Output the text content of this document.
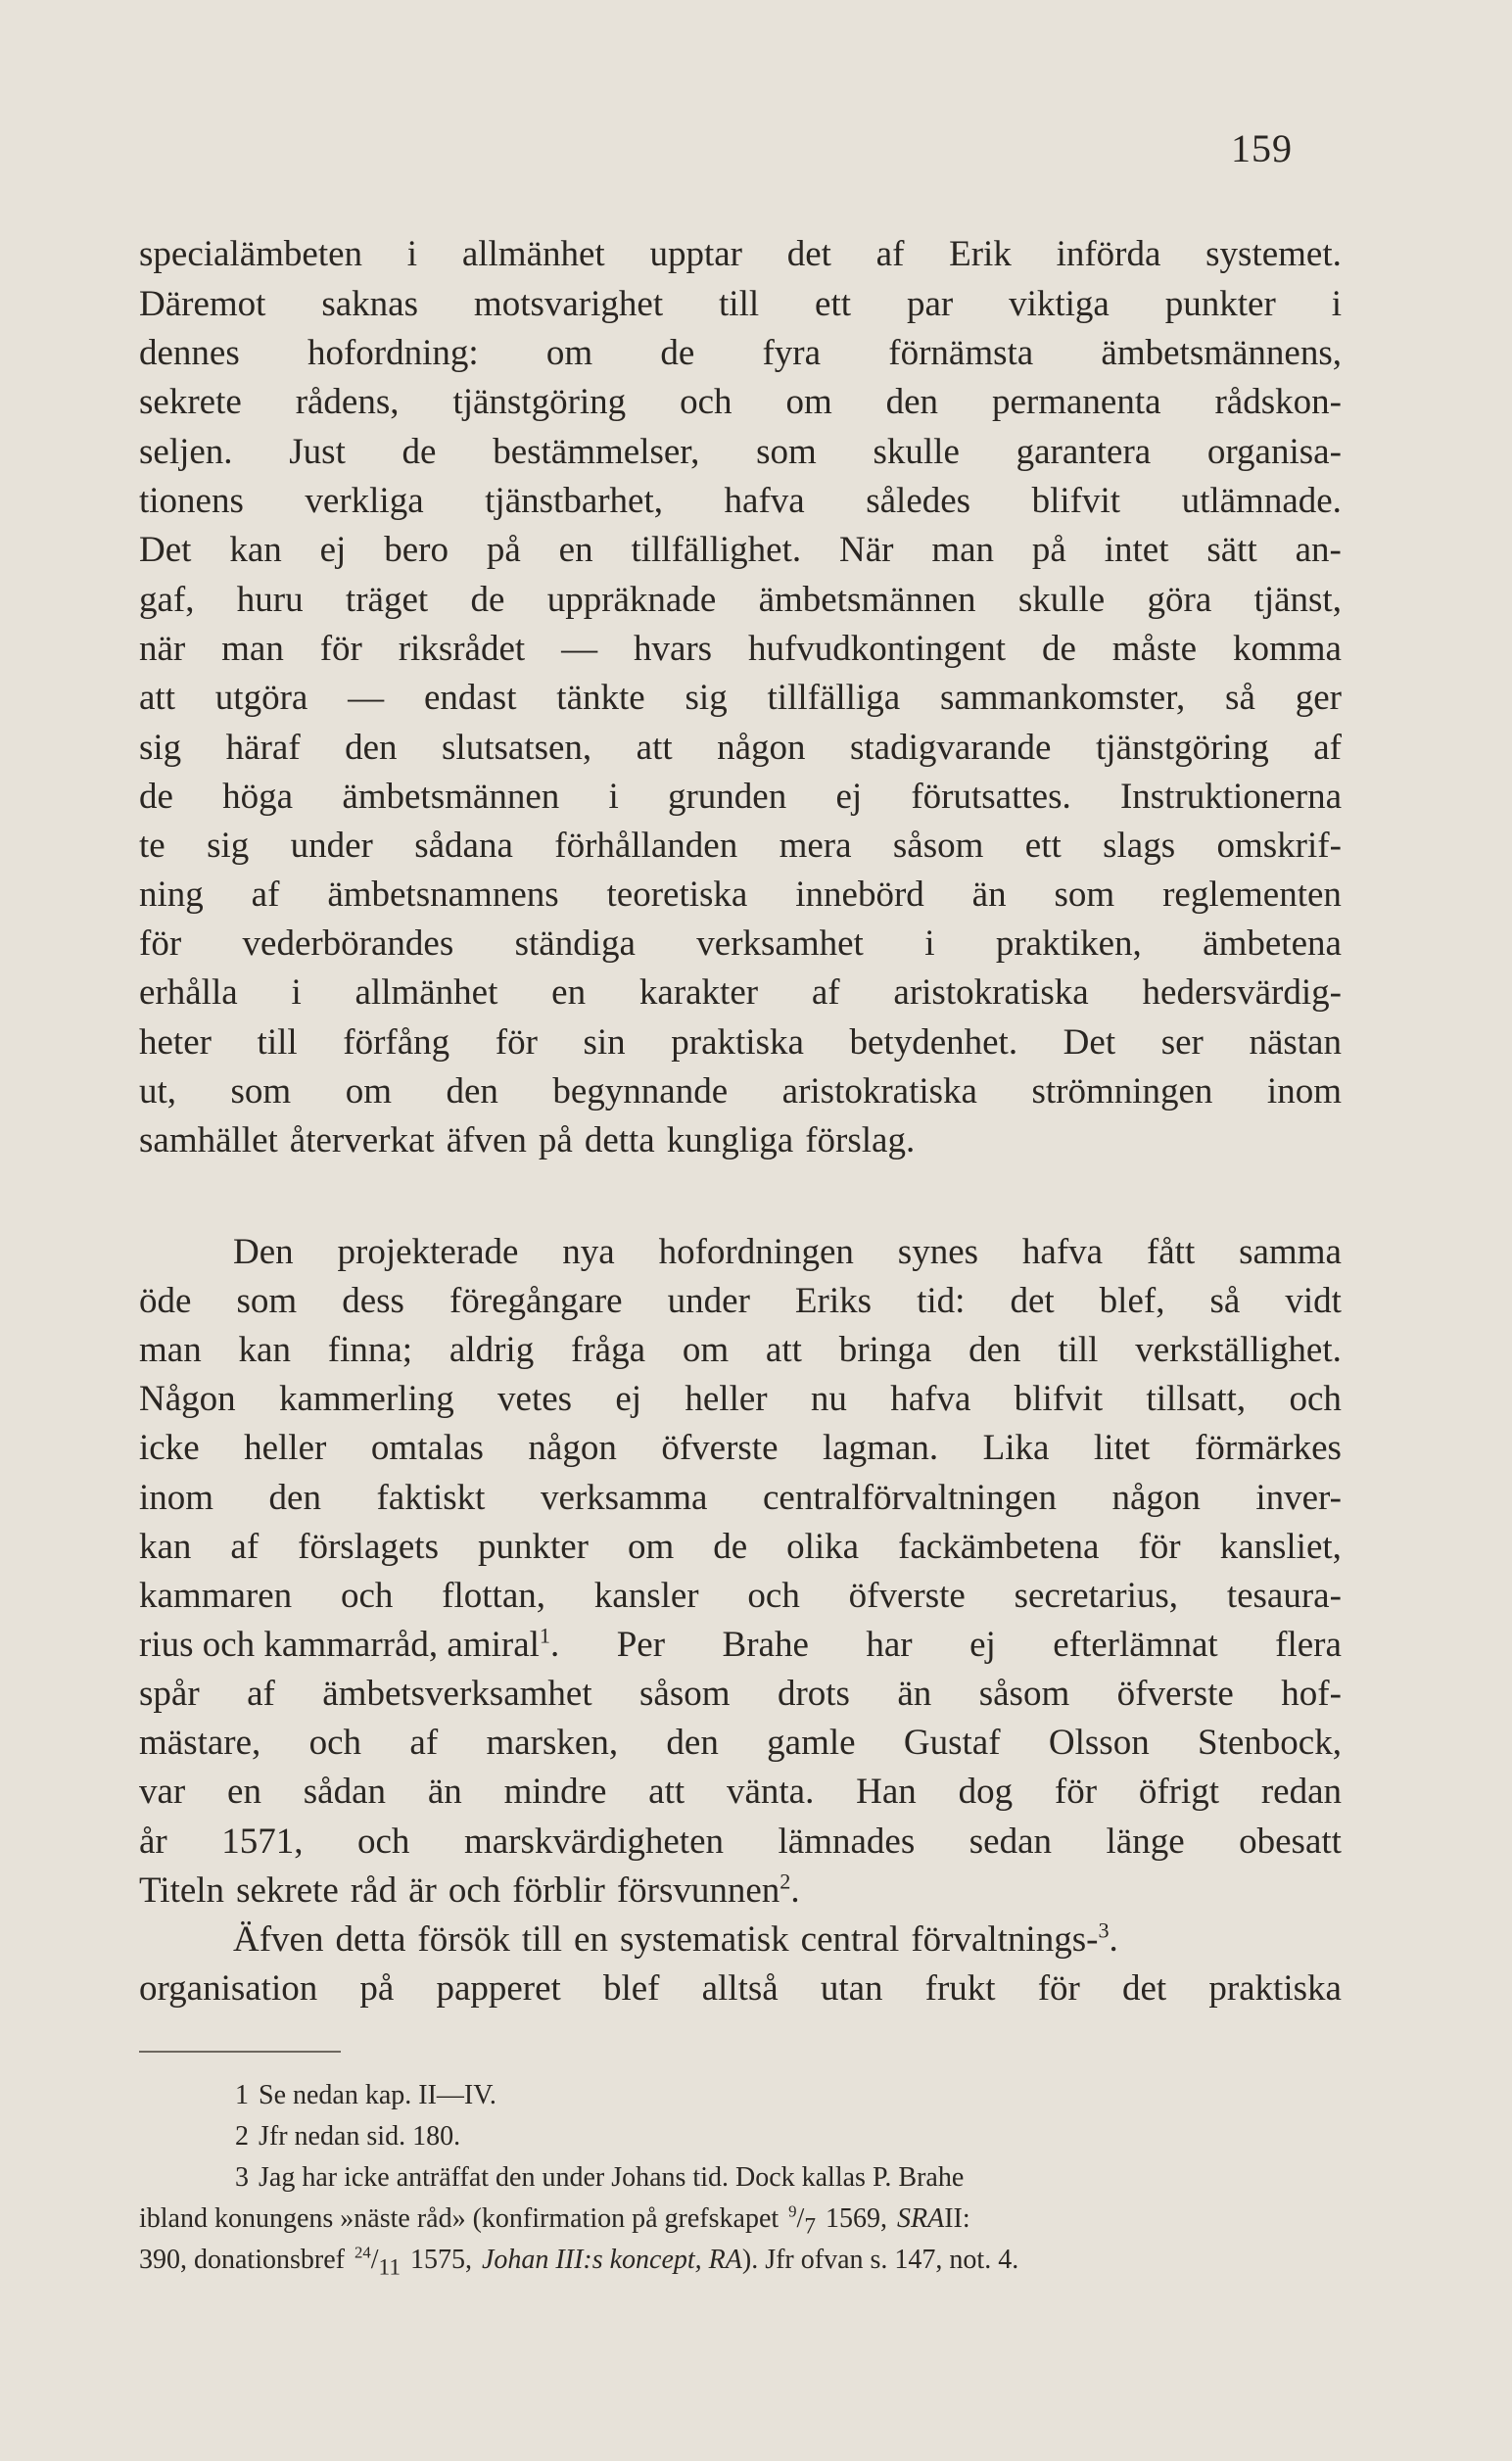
159
specialämbeten i allmänhet upptar det af Erik införda systemet.
Däremot saknas motsvarighet till ett par viktiga punkter i
dennes hofordning: om de fyra förnämsta ämbetsmännens,
sekrete rådens, tjänstgöring och om den permanenta rådskon-
seljen. Just de bestämmelser, som skulle garantera organisa-
tionens verkliga tjänstbarhet, hafva således blifvit utlämnade.
Det kan ej bero på en tillfällighet. När man på intet sätt an-
gaf, huru träget de uppräknade ämbetsmännen skulle göra tjänst,
när man för riksrådet — hvars hufvudkontingent de måste komma
att utgöra — endast tänkte sig tillfälliga sammankomster, så ger
sig häraf den slutsatsen, att någon stadigvarande tjänstgöring af
de höga ämbetsmännen i grunden ej förutsattes. Instruktionerna
te sig under sådana förhållanden mera såsom ett slags omskrif-
ning af ämbetsnamnens teoretiska innebörd än som reglementen
för vederbörandes ständiga verksamhet i praktiken, ämbetena
erhålla i allmänhet en karakter af aristokratiska hedersvärdig-
heter till förfång för sin praktiska betydenhet. Det ser nästan
ut, som om den begynnande aristokratiska strömningen inom
samhället återverkat äfven på detta kungliga förslag.
Den projekterade nya hofordningen synes hafva fått samma
öde som dess föregångare under Eriks tid: det blef, så vidt
man kan finna; aldrig fråga om att bringa den till verkställighet.
Någon kammerling vetes ej heller nu hafva blifvit tillsatt, och
icke heller omtalas någon öfverste lagman. Lika litet förmärkes
inom den faktiskt verksamma centralförvaltningen någon inver-
kan af förslagets punkter om de olika fackämbetena för kansliet,
kammaren och flottan, kansler och öfverste secretarius, tesaura-
rius och kammarråd, amiral$^1$. Per Brahe har ej efterlämnat flera
spår af ämbetsverksamhet såsom drots än såsom öfverste hof-
mästare, och af marsken, den gamle Gustaf Olsson Stenbock,
var en sådan än mindre att vänta. Han dog för öfrigt redan
år 1571, och marskvärdigheten lämnades sedan länge obesatt
Titeln sekrete råd är och förblir försvunnen$^2$.
Äfven detta försök till en systematisk central förvaltnings-$^3$.
organisation på papperet blef alltså utan frukt för det praktiska
1 Se nedan kap. II—IV.
2 Jfr nedan sid. 180.
3 Jag har icke anträffat den under Johans tid. Dock kallas P. Brahe
ibland konungens »näste råd» (konfirmation på grefskapet $^9/_7$ 1569, SRA II:
390, donationsbref $^{24}/_{11}$ 1575, Johan III:s koncept, RA ). Jfr ofvan s. 147, not. 4.
